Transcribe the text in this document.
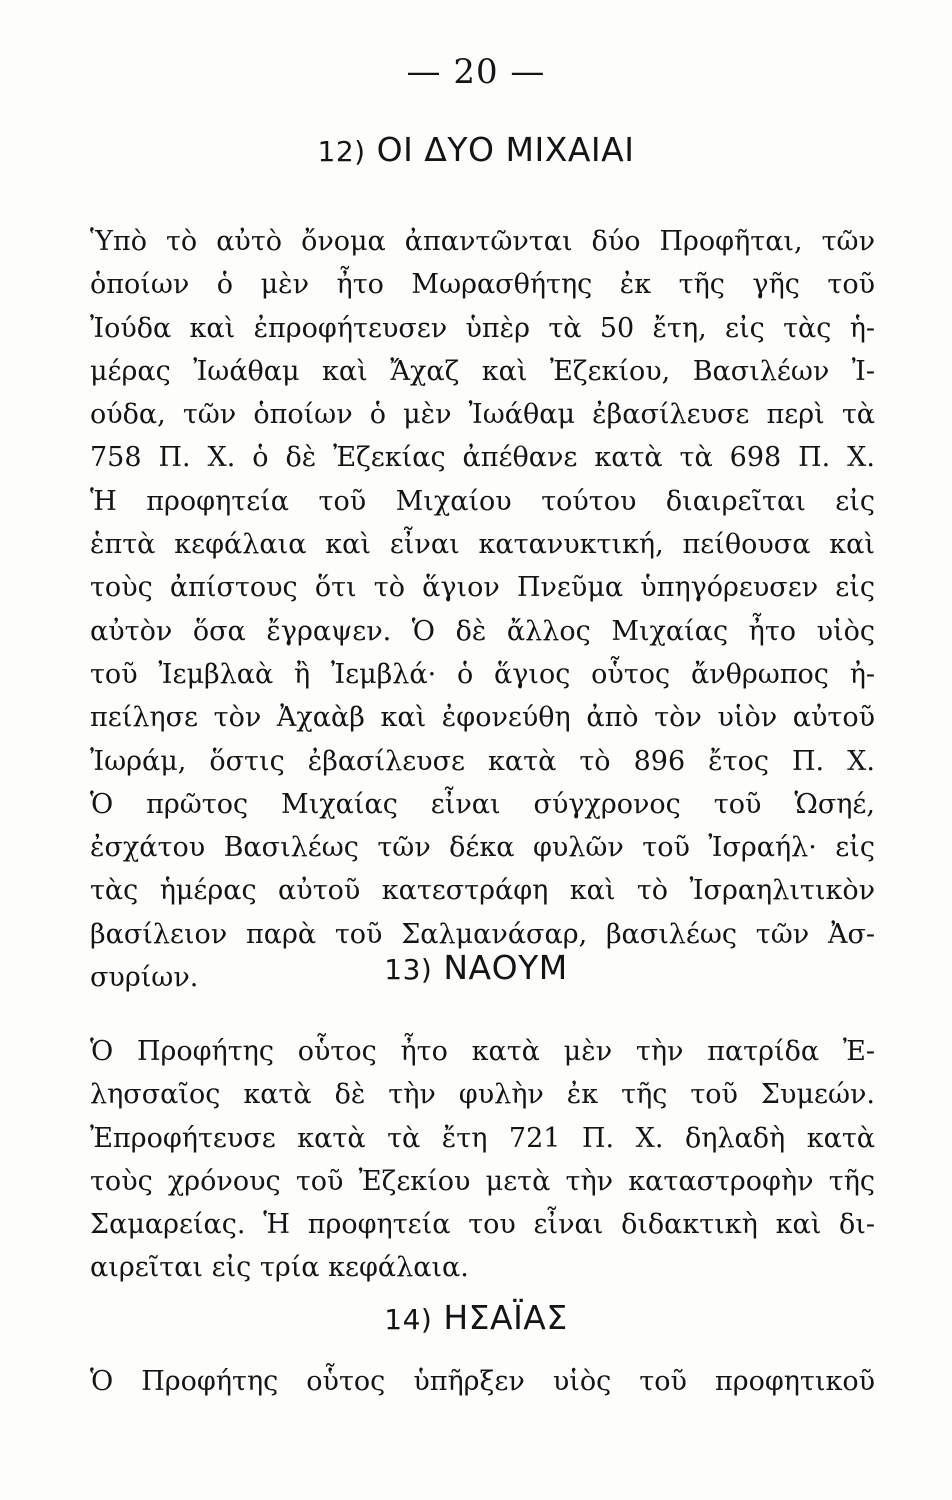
— 20 —
12) ΟΙ ΔΥΟ ΜΙΧΑΙΑΙ
Ὑπὸ τὸ αὐτὸ ὄνομα ἀπαντῶνται δύο Προφῆται, τῶν
ὁποίων ὁ μὲν ἦτο Μωρασθήτης ἐκ τῆς γῆς τοῦ
Ἰούδα καὶ ἐπροφήτευσεν ὑπὲρ τὰ 50 ἔτη, εἰς τὰς ἡ-
μέρας Ἰωάθαμ καὶ Ἄχαζ καὶ Ἐζεκίου, Βασιλέων Ἰ-
ούδα, τῶν ὁποίων ὁ μὲν Ἰωάθαμ ἐβασίλευσε περὶ τὰ
758 Π. Χ. ὁ δὲ Ἐζεκίας ἀπέθανε κατὰ τὰ 698 Π. Χ.
Ἡ προφητεία τοῦ Μιχαίου τούτου διαιρεῖται εἰς
ἑπτὰ κεφάλαια καὶ εἶναι κατανυκτική, πείθουσα καὶ
τοὺς ἀπίστους ὅτι τὸ ἅγιον Πνεῦμα ὑπηγόρευσεν εἰς
αὐτὸν ὅσα ἔγραψεν. Ὁ δὲ ἄλλος Μιχαίας ἦτο υἱὸς
τοῦ Ἰεμβλαὰ ἢ Ἰεμβλά· ὁ ἅγιος οὗτος ἄνθρωπος ἠ-
πείλησε τὸν Ἀχαὰβ καὶ ἐφονεύθη ἀπὸ τὸν υἱὸν αὐτοῦ
Ἰωράμ, ὅστις ἐβασίλευσε κατὰ τὸ 896 ἔτος Π. Χ.
Ὁ πρῶτος Μιχαίας εἶναι σύγχρονος τοῦ Ὡσηέ,
ἐσχάτου Βασιλέως τῶν δέκα φυλῶν τοῦ Ἰσραήλ· εἰς
τὰς ἡμέρας αὐτοῦ κατεστράφη καὶ τὸ Ἰσραηλιτικὸν
βασίλειον παρὰ τοῦ Σαλμανάσαρ, βασιλέως τῶν Ἀσ-
συρίων.	13) ΝΑΟΥΜ
Ὁ Προφήτης οὗτος ἦτο κατὰ μὲν τὴν πατρίδα Ἐ-
λησσαῖος κατὰ δὲ τὴν φυλὴν ἐκ τῆς τοῦ Συμεών.
Ἐπροφήτευσε κατὰ τὰ ἔτη 721 Π. Χ. δηλαδὴ κατὰ
τοὺς χρόνους τοῦ Ἐζεκίου μετὰ τὴν καταστροφὴν τῆς
Σαμαρείας. Ἡ προφητεία του εἶναι διδακτικὴ καὶ δι-
αιρεῖται εἰς τρία κεφάλαια.
14) ΗΣΑΪΑΣ
Ὁ Προφήτης οὗτος ὑπῆρξεν υἱὸς τοῦ προφητικοῦ
